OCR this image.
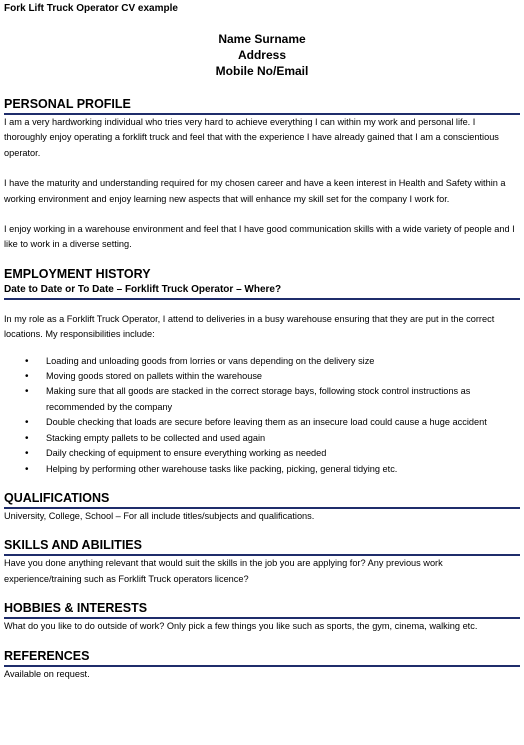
Fork Lift Truck Operator CV example
Name Surname
Address
Mobile No/Email
PERSONAL PROFILE

I am a very hardworking individual who tries very hard to achieve everything I can within my work and personal life. I thoroughly enjoy operating a forklift truck and feel that with the experience I have already gained that I am a conscientious operator.

I have the maturity and understanding required for my chosen career and have a keen interest in Health and Safety within a working environment and enjoy learning new aspects that will enhance my skill set for the company I work for.

I enjoy working in a warehouse environment and feel that I have good communication skills with a wide variety of people and I like to work in a diverse setting.

EMPLOYMENT HISTORY
Date to Date or To Date – Forklift Truck Operator – Where?

In my role as a Forklift Truck Operator, I attend to deliveries in a busy warehouse ensuring that they are put in the correct locations. My responsibilities include:

• Loading and unloading goods from lorries or vans depending on the delivery size
• Moving goods stored on pallets within the warehouse
• Making sure that all goods are stacked in the correct storage bays, following stock control instructions as recommended by the company
• Double checking that loads are secure before leaving them as an insecure load could cause a huge accident
• Stacking empty pallets to be collected and used again
• Daily checking of equipment to ensure everything working as needed
• Helping by performing other warehouse tasks like packing, picking, general tidying etc.
QUALIFICATIONS

University, College, School – For all include titles/subjects and qualifications.

SKILLS AND ABILITIES

Have you done anything relevant that would suit the skills in the job you are applying for? Any previous work experience/training such as Forklift Truck operators licence?

HOBBIES & INTERESTS

What do you like to do outside of work? Only pick a few things you like such as sports, the gym, cinema, walking etc.

REFERENCES

Available on request.
